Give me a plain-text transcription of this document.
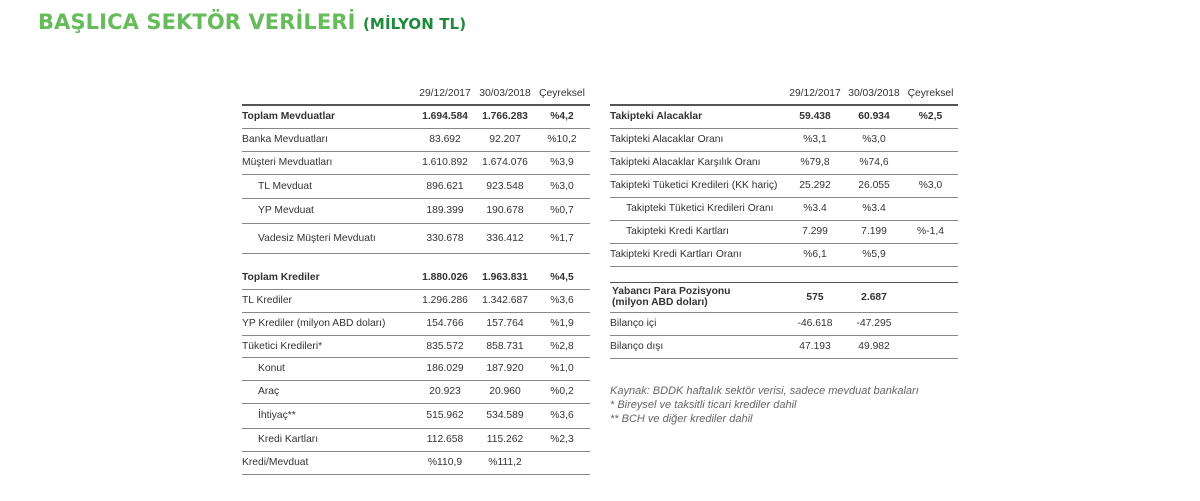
BAŞLICA SEKTÖR VERİLERİ (MİLYON TL)
	29/12/2017	30/03/2018	Çeyreksel
Toplam Mevduatlar	1.694.584	1.766.283	%4,2
Banka Mevduatları	83.692	92.207	%10,2
Müşteri Mevduatları	1.610.892	1.674.076	%3,9
TL Mevduat	896.621	923.548	%3,0
YP Mevduat	189.399	190.678	%0,7
Vadesiz Müşteri Mevduatı	330.678	336.412	%1,7

Toplam Krediler	1.880.026	1.963.831	%4,5
TL Krediler	1.296.286	1.342.687	%3,6
YP Krediler (milyon ABD doları)	154.766	157.764	%1,9
Tüketici Kredileri*	835.572	858.731	%2,8
Konut	186.029	187.920	%1,0
Araç	20.923	20.960	%0,2
İhtiyaç**	515.962	534.589	%3,6
Kredi Kartları	112.658	115.262	%2,3
Kredi/Mevduat	%110,9	%111,2	
	29/12/2017	30/03/2018	Çeyreksel
Takipteki Alacaklar	59.438	60.934	%2,5
Takipteki Alacaklar Oranı	%3,1	%3,0	
Takipteki Alacaklar Karşılık Oranı	%79,8	%74,6	
Takipteki Tüketici Kredileri (KK hariç)	25.292	26.055	%3,0
Takipteki Tüketici Kredileri Oranı	%3.4	%3.4	
Takipteki Kredi Kartları	7.299	7.199	%-1,4
Takipteki Kredi Kartları Oranı	%6,1	%5,9	

Yabancı Para Pozisyonu
(milyon ABD doları)	575	2.687	
Bilanço içi	-46.618	-47.295	
Bilanço dışı	47.193	49.982	
Kaynak: BDDK haftalık sektör verisi, sadece mevduat bankaları
* Bireysel ve taksitli ticari krediler dahil
** BCH ve diğer krediler dahil
